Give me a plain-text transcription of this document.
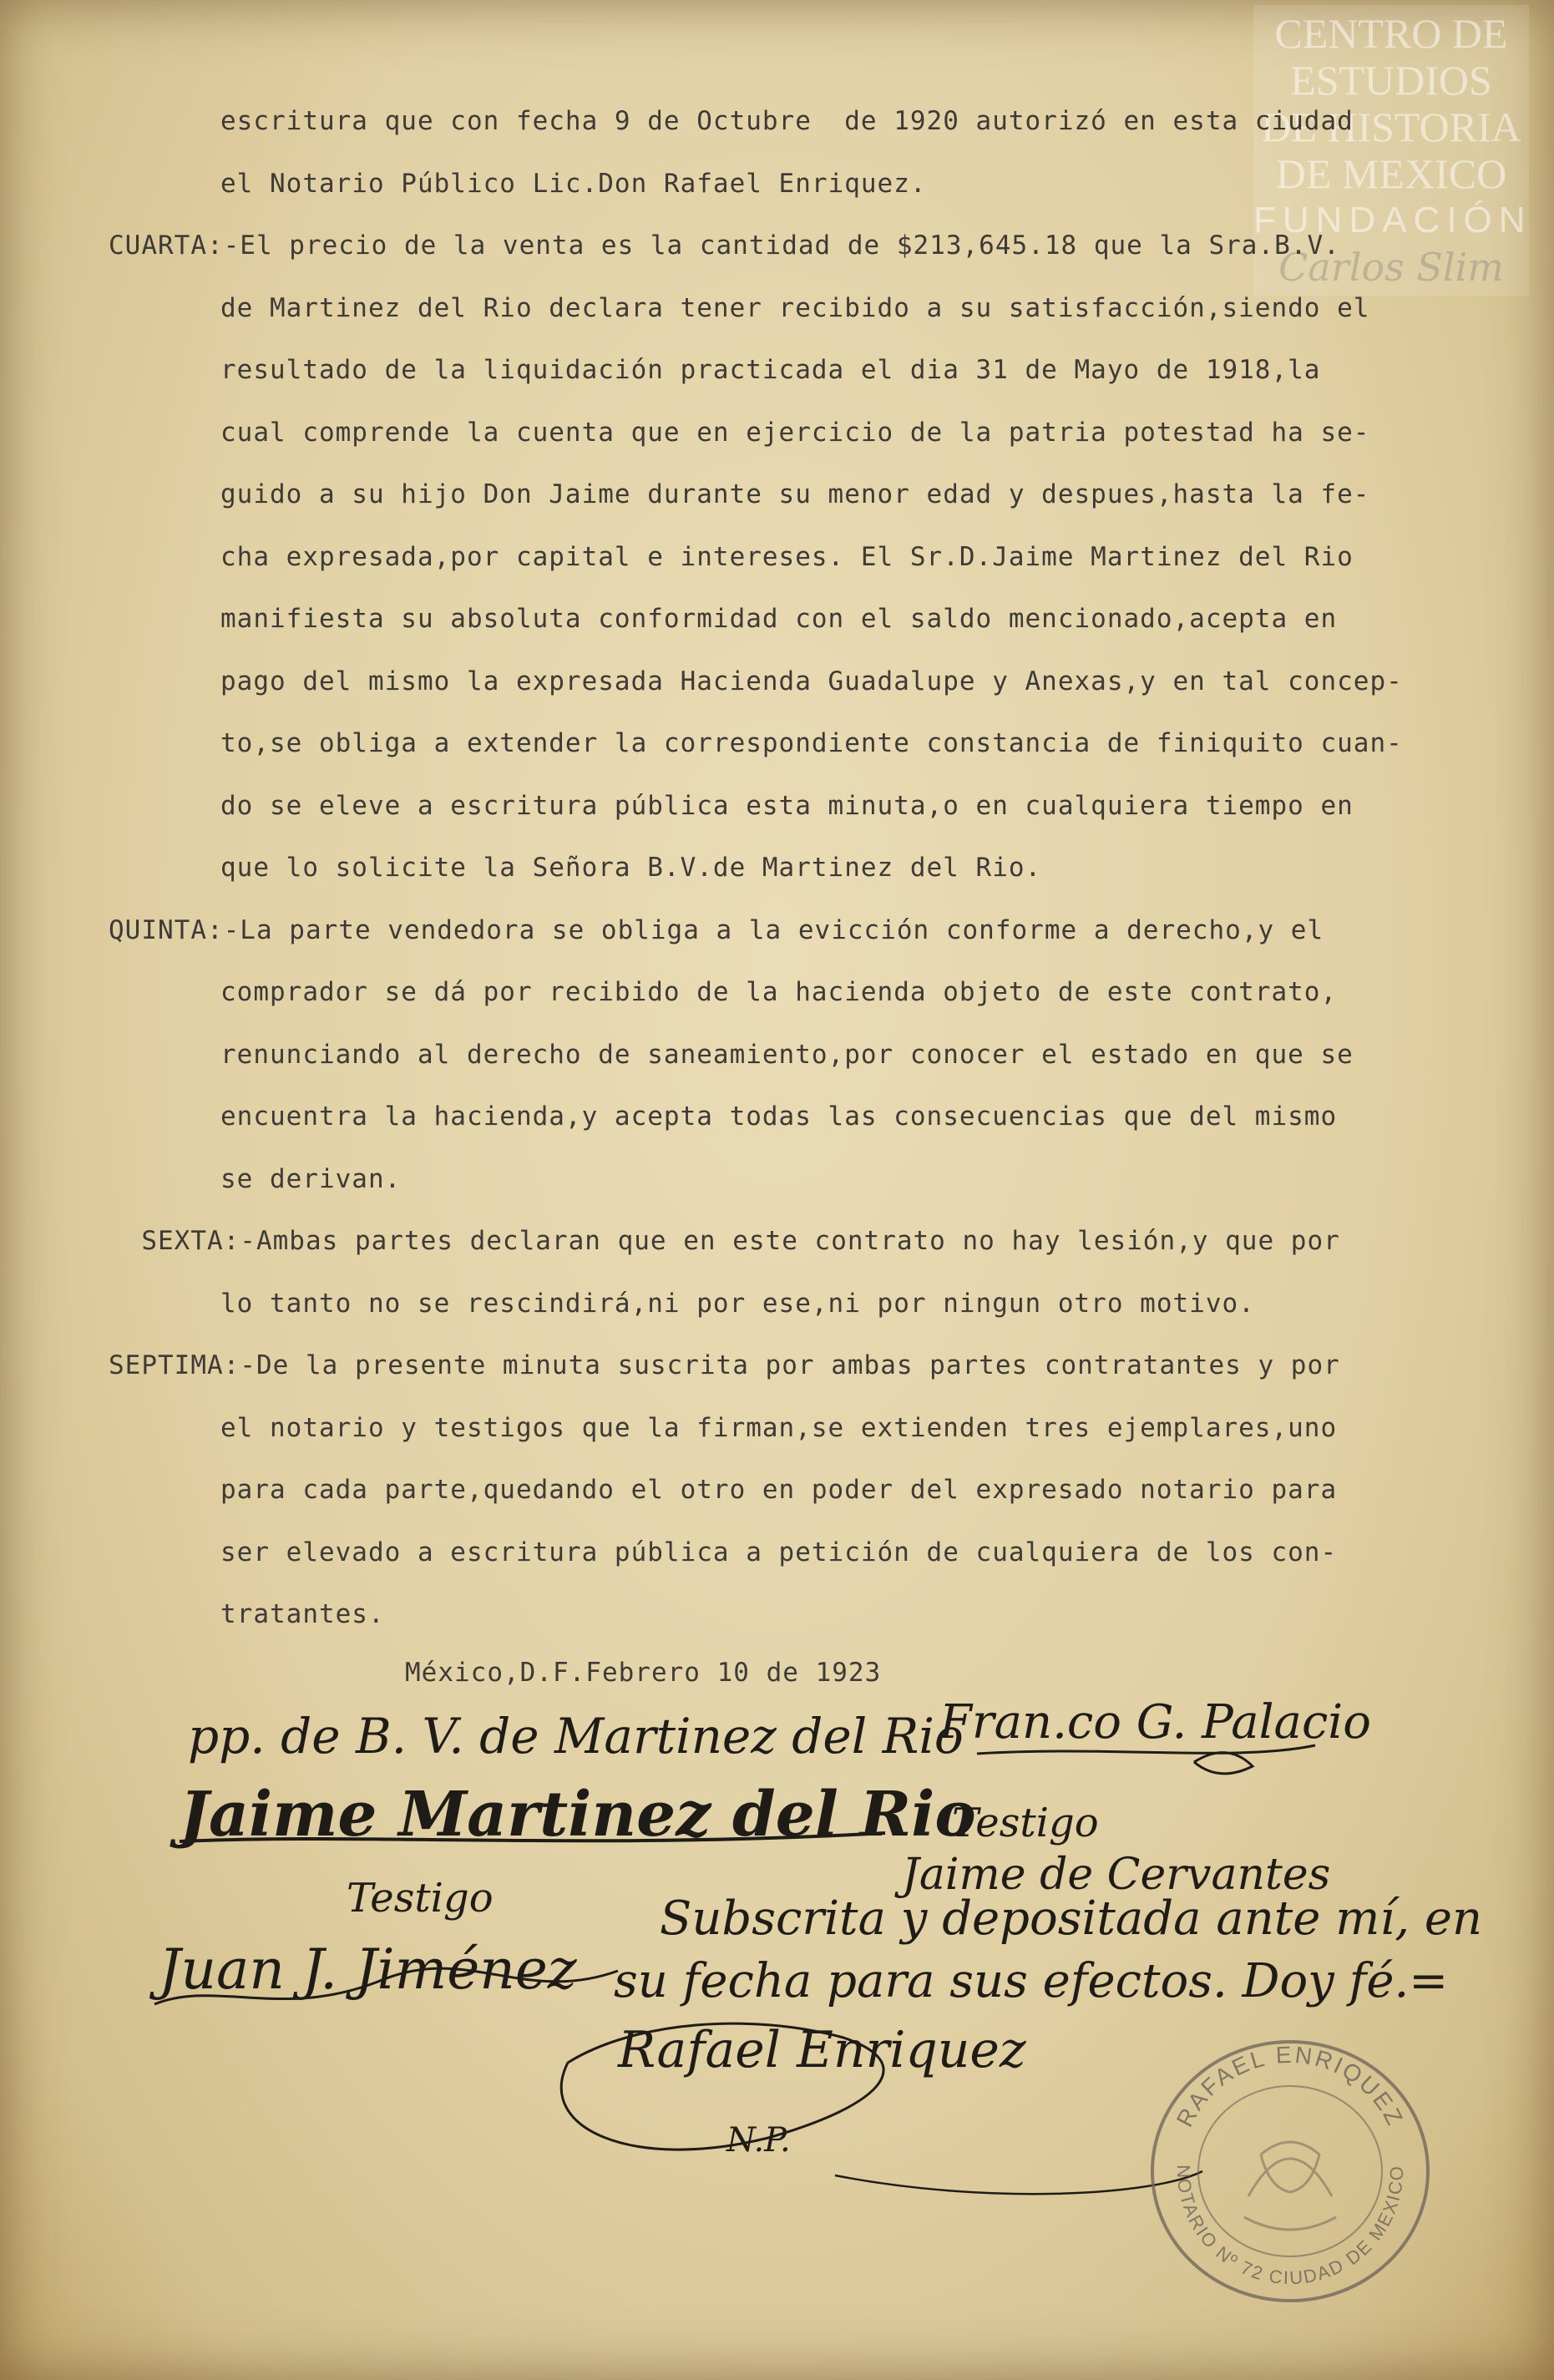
CENTRO DE
ESTUDIOS
DE HISTORIA
DE MEXICO
FUNDACIÓN
Carlos Slim
escritura que con fecha 9 de Octubre  de 1920 autorizó en esta ciudad
el Notario Público Lic.Don Rafael Enriquez.
CUARTA:-El precio de la venta es la cantidad de $213,645.18 que la Sra.B.V.
de Martinez del Rio declara tener recibido a su satisfacción,siendo el
resultado de la liquidación practicada el dia 31 de Mayo de 1918,la
cual comprende la cuenta que en ejercicio de la patria potestad ha se-
guido a su hijo Don Jaime durante su menor edad y despues,hasta la fe-
cha expresada,por capital e intereses. El Sr.D.Jaime Martinez del Rio
manifiesta su absoluta conformidad con el saldo mencionado,acepta en
pago del mismo la expresada Hacienda Guadalupe y Anexas,y en tal concep-
to,se obliga a extender la correspondiente constancia de finiquito cuan-
do se eleve a escritura pública esta minuta,o en cualquiera tiempo en
que lo solicite la Señora B.V.de Martinez del Rio.
QUINTA:-La parte vendedora se obliga a la evicción conforme a derecho,y el
comprador se dá por recibido de la hacienda objeto de este contrato,
renunciando al derecho de saneamiento,por conocer el estado en que se
encuentra la hacienda,y acepta todas las consecuencias que del mismo
se derivan.
SEXTA:-Ambas partes declaran que en este contrato no hay lesión,y que por
lo tanto no se rescindirá,ni por ese,ni por ningun otro motivo.
SEPTIMA:-De la presente minuta suscrita por ambas partes contratantes y por
el notario y testigos que la firman,se extienden tres ejemplares,uno
para cada parte,quedando el otro en poder del expresado notario para
ser elevado a escritura pública a petición de cualquiera de los con-
tratantes.
México,D.F.Febrero 10 de 1923
pp. de B. V. de Martinez del Rio
Fran.co G. Palacio
Jaime Martinez del Rio
Testigo
Jaime de Cervantes
Testigo
Juan J. Jiménez
Subscrita y depositada ante mí, en
su fecha para sus efectos. Doy fé.=
Rafael Enriquez
N.P.
RAFAEL ENRIQUEZ
NOTARIO Nº 72 CIUDAD DE MEXICO
